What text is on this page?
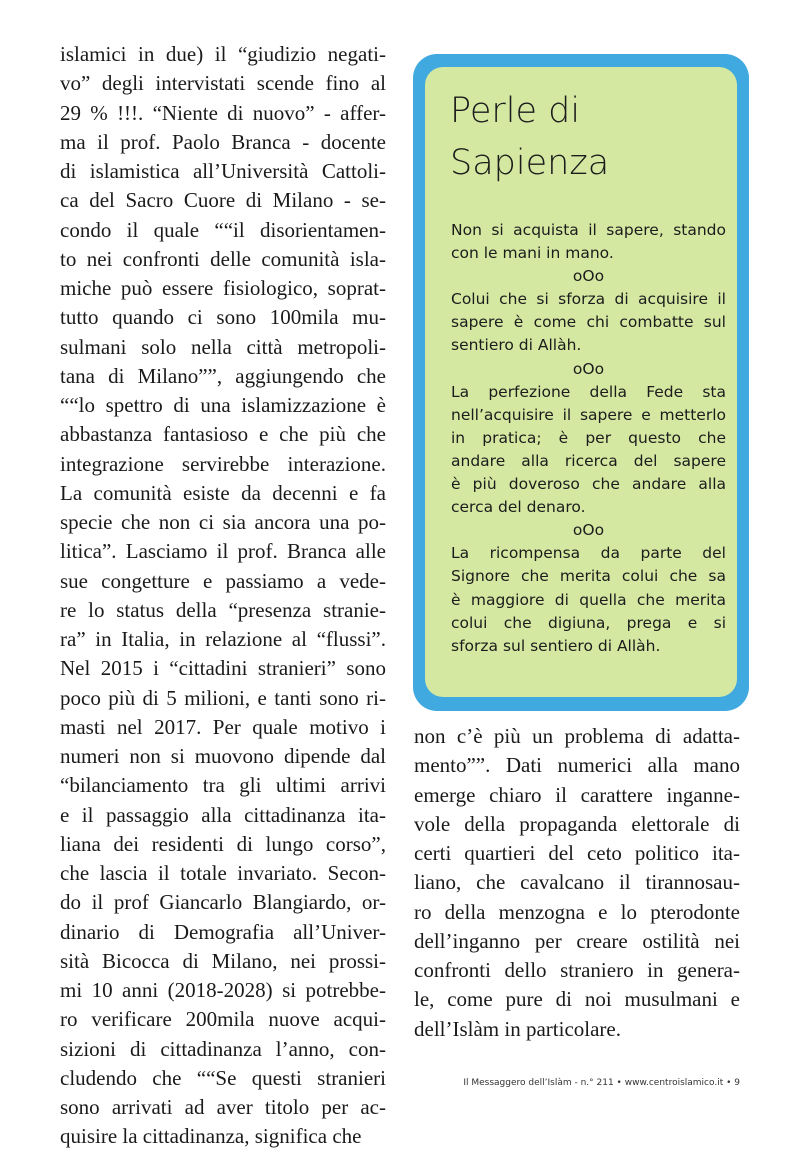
islamici in due) il “giudizio negati-
vo” degli intervistati scende fino al
29 % !!!. “Niente di nuovo” - affer-
ma il prof. Paolo Branca - docente
di islamistica all’Università Cattoli-
ca del Sacro Cuore di Milano - se-
condo il quale ““il disorientamen-
to nei confronti delle comunità isla-
miche può essere fisiologico, soprat-
tutto quando ci sono 100mila mu-
sulmani solo nella città metropoli-
tana di Milano””, aggiungendo che
““lo spettro di una islamizzazione è
abbastanza fantasioso e che più che
integrazione servirebbe interazione.
La comunità esiste da decenni e fa
specie che non ci sia ancora una po-
litica”. Lasciamo il prof. Branca alle
sue congetture e passiamo a vede-
re lo status della “presenza stranie-
ra” in Italia, in relazione al “flussi”.
Nel 2015 i “cittadini stranieri” sono
poco più di 5 milioni, e tanti sono ri-
masti nel 2017. Per quale motivo i
numeri non si muovono dipende dal
“bilanciamento tra gli ultimi arrivi
e il passaggio alla cittadinanza ita-
liana dei residenti di lungo corso”,
che lascia il totale invariato. Secon-
do il prof Giancarlo Blangiardo, or-
dinario di Demografia all’Univer-
sità Bicocca di Milano, nei prossi-
mi 10 anni (2018-2028) si potrebbe-
ro verificare 200mila nuove acqui-
sizioni di cittadinanza l’anno, con-
cludendo che ““Se questi stranieri
sono arrivati ad aver titolo per ac-
quisire la cittadinanza, significa che
Perle di
Sapienza
Non si acquista il sapere, stando
con le mani in mano.
oOo
Colui che si sforza di acquisire il
sapere è come chi combatte sul
sentiero di Allàh.
oOo
La perfezione della Fede sta
nell’acquisire il sapere e metterlo
in pratica; è per questo che
andare alla ricerca del sapere
è più doveroso che andare alla
cerca del denaro.
oOo
La ricompensa da parte del
Signore che merita colui che sa
è maggiore di quella che merita
colui che digiuna, prega e si
sforza sul sentiero di Allàh.
non c’è più un problema di adatta-
mento””. Dati numerici alla mano
emerge chiaro il carattere inganne-
vole della propaganda elettorale di
certi quartieri del ceto politico ita-
liano, che cavalcano il tirannosau-
ro della menzogna e lo pterodonte
dell’inganno per creare ostilità nei
confronti dello straniero in genera-
le, come pure di noi musulmani e
dell’Islàm in particolare.
Il Messaggero dell’Islàm - n.° 211 • www.centroislamico.it • 9
